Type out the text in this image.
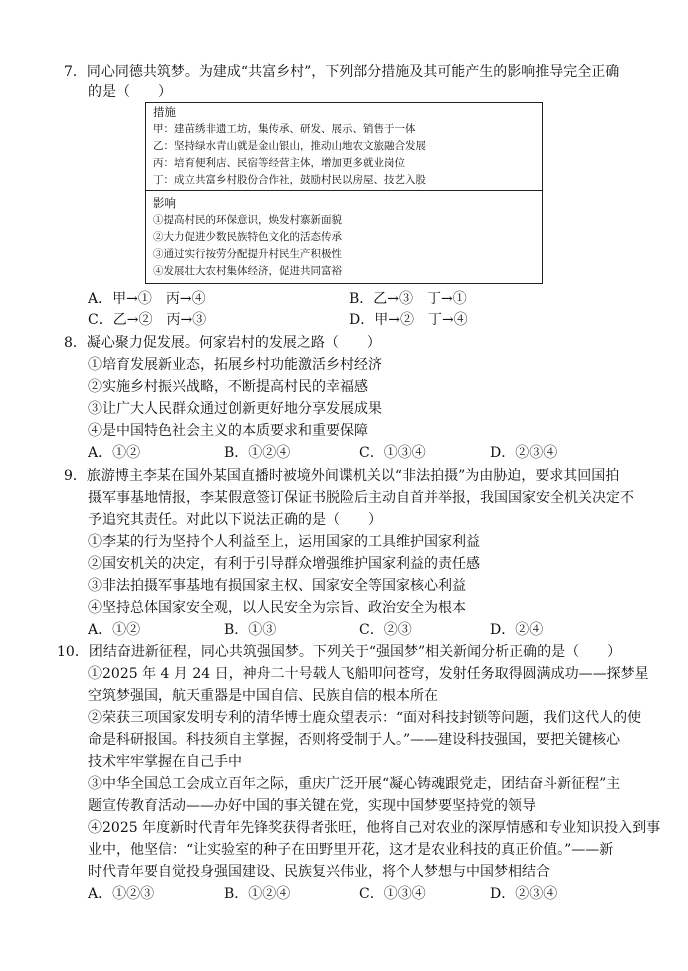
7．同心同德共筑梦。为建成“共富乡村”，下列部分措施及其可能产生的影响推导完全正确
的是（　　）
措施
甲：建苗绣非遗工坊，集传承、研发、展示、销售于一体
乙：坚持绿水青山就是金山银山，推动山地农文旅融合发展
丙：培育便利店、民宿等经营主体，增加更多就业岗位
丁：成立共富乡村股份合作社，鼓励村民以房屋、技艺入股
影响
①提高村民的环保意识，焕发村寨新面貌
②大力促进少数民族特色文化的活态传承
③通过实行按劳分配提升村民生产积极性
④发展壮大农村集体经济，促进共同富裕
A．甲→①　丙→④	B．乙→③　丁→①
C．乙→②　丙→③	D．甲→②　丁→④
8．凝心聚力促发展。何家岩村的发展之路（　　）
①培育发展新业态，拓展乡村功能激活乡村经济
②实施乡村振兴战略，不断提高村民的幸福感
③让广大人民群众通过创新更好地分享发展成果
④是中国特色社会主义的本质要求和重要保障
A．①②	B．①②④	C．①③④	D．②③④
9．旅游博主李某在国外某国直播时被境外间谍机关以“非法拍摄”为由胁迫，要求其回国拍
摄军事基地情报，李某假意签订保证书脱险后主动自首并举报，我国国家安全机关决定不
予追究其责任。对此以下说法正确的是（　　）
①李某的行为坚持个人利益至上，运用国家的工具维护国家利益
②国安机关的决定，有利于引导群众增强维护国家利益的责任感
③非法拍摄军事基地有损国家主权、国家安全等国家核心利益
④坚持总体国家安全观，以人民安全为宗旨、政治安全为根本
A．①②	B．①③	C．②③	D．②④
10．团结奋进新征程，同心共筑强国梦。下列关于“强国梦”相关新闻分析正确的是（　　）
①2025 年 4 月 24 日，神舟二十号载人飞船叩问苍穹，发射任务取得圆满成功——探梦星
空筑梦强国，航天重器是中国自信、民族自信的根本所在
②荣获三项国家发明专利的清华博士鹿众望表示：“面对科技封锁等问题，我们这代人的使
命是科研报国。科技须自主掌握，否则将受制于人。”——建设科技强国，要把关键核心
技术牢牢掌握在自己手中
③中华全国总工会成立百年之际，重庆广泛开展“凝心铸魂跟党走，团结奋斗新征程”主
题宣传教育活动——办好中国的事关键在党，实现中国梦要坚持党的领导
④2025 年度新时代青年先锋奖获得者张旺，他将自己对农业的深厚情感和专业知识投入到事
业中，他坚信：“让实验室的种子在田野里开花，这才是农业科技的真正价值。”——新
时代青年要自觉投身强国建设、民族复兴伟业，将个人梦想与中国梦相结合
A．①②③	B．①②④	C．①③④	D．②③④
